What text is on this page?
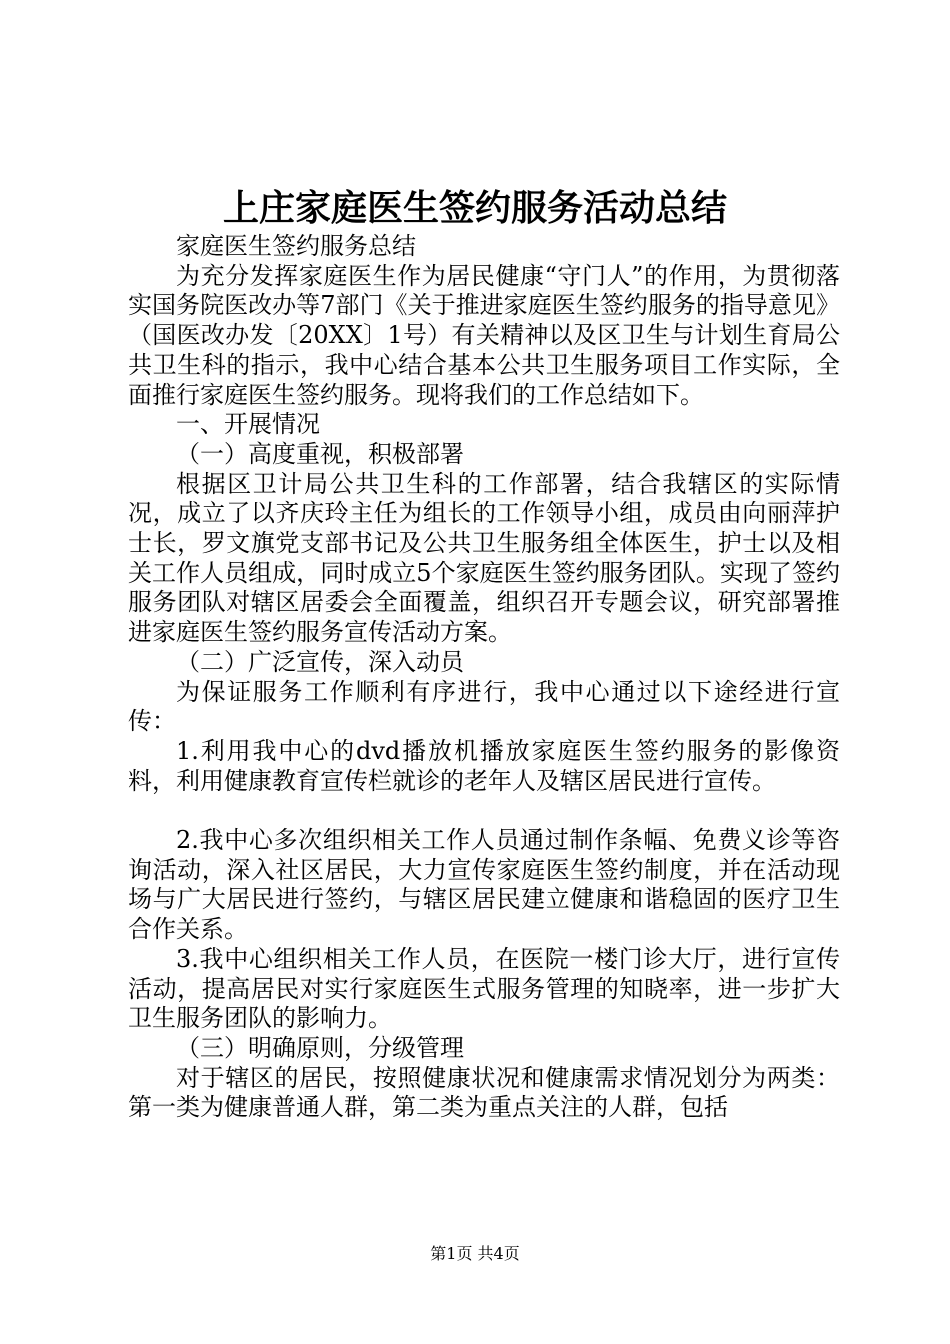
上庄家庭医生签约服务活动总结

家庭医生签约服务总结

为充分发挥家庭医生作为居民健康“守门人”的作用，为贯彻落实国务院医改办等7部门《关于推进家庭医生签约服务的指导意见》（国医改办发〔20XX〕1号）有关精神以及区卫生与计划生育局公共卫生科的指示，我中心结合基本公共卫生服务项目工作实际，全面推行家庭医生签约服务。现将我们的工作总结如下。

一、开展情况

（一）高度重视，积极部署

根据区卫计局公共卫生科的工作部署，结合我辖区的实际情况，成立了以齐庆玲主任为组长的工作领导小组，成员由向丽萍护士长，罗文旗党支部书记及公共卫生服务组全体医生，护士以及相关工作人员组成，同时成立5个家庭医生签约服务团队。实现了签约服务团队对辖区居委会全面覆盖，组织召开专题会议，研究部署推进家庭医生签约服务宣传活动方案。

（二）广泛宣传，深入动员

为保证服务工作顺利有序进行，我中心通过以下途经进行宣传：

1.利用我中心的dvd播放机播放家庭医生签约服务的影像资料，利用健康教育宣传栏就诊的老年人及辖区居民进行宣传。

2.我中心多次组织相关工作人员通过制作条幅、免费义诊等咨询活动，深入社区居民，大力宣传家庭医生签约制度，并在活动现场与广大居民进行签约，与辖区居民建立健康和谐稳固的医疗卫生合作关系。

3.我中心组织相关工作人员，在医院一楼门诊大厅，进行宣传活动，提高居民对实行家庭医生式服务管理的知晓率，进一步扩大卫生服务团队的影响力。

（三）明确原则，分级管理

对于辖区的居民，按照健康状况和健康需求情况划分为两类：第一类为健康普通人群，第二类为重点关注的人群，包括

第1页 共4页
